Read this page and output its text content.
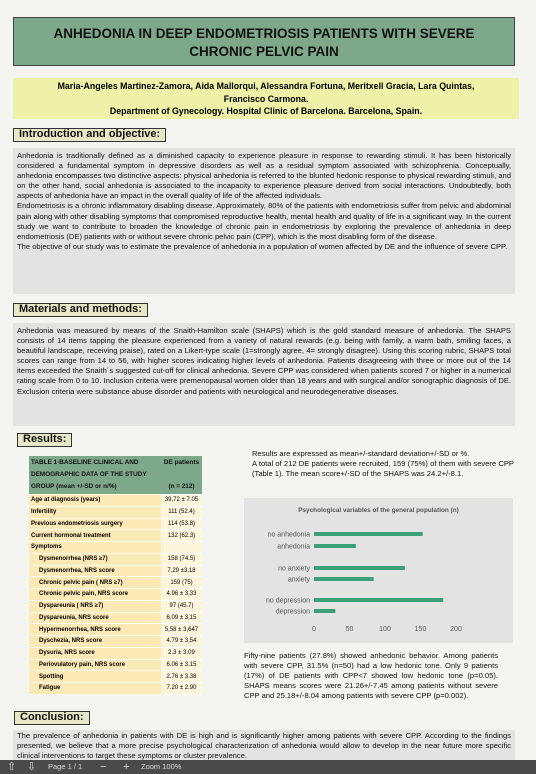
ANHEDONIA IN DEEP ENDOMETRIOSIS PATIENTS WITH SEVERE
CHRONIC PELVIC PAIN
Maria-Angeles Martinez-Zamora, Aida Mallorqui, Alessandra Fortuna, Meritxell Gracia, Lara Quintas,
Francisco Carmona.
Department of Gynecology. Hospital Clinic of Barcelona. Barcelona, Spain.
Introduction and objective:

Anhedonia is traditionally defined as a diminished capacity to experience pleasure in response to rewarding stimuli. It has been historically considered a fundamental symptom in depressive disorders as well as a residual symptom associated with schizophrenia. Conceptually, anhedonia encompasses two distinctive aspects: physical anhedonia is referred to the blunted hedonic response to physical rewarding stimuli, and on the other hand, social anhedonia is associated to the incapacity to experience pleasure derived from social interactions. Undoubtedly, both aspects of anhedonia have an impact in the overall quality of life of the affected individuals.

Endometriosis is a chronic inflammatory disabling disease. Approximately, 80% of the patients with endometriosis suffer from pelvic and abdominal pain along with other disabling symptoms that compromised reproductive health, mental health and quality of life in a significant way. In the current study we want to contribute to broaden the knowledge of chronic pain in endometriosis by exploring the prevalence of anhedonia in deep endometriosis (DE) patients with or without severe chronic pelvic pain (CPP), which is the most disabling form of the disease.

The objective of our study was to estimate the prevalence of anhedonia in a population of women affected by DE and the influence of severe CPP.

Materials and methods:

Anhedonia was measured by means of the Snaith-Hamilton scale (SHAPS) which is the gold standard measure of anhedonia. The SHAPS consists of 14 items tapping the pleasure experienced from a variety of natural rewards (e.g. being with family, a warm bath, smiling faces, a beautiful landscape, receiving praise), rated on a Likert-type scale (1=strongly agree, 4= strongly disagree). Using this scoring rubric, SHAPS total scores can range from 14 to 56, with higher scores indicating higher levels of anhedonia. Patients disagreeing with three or more out of the 14 items exceeded the Snaith´s suggested cut-off for clinical anhedonia. Severe CPP was considered when patients scored 7 or higher in a numerical rating scale from 0 to 10. Inclusion criteria were premenopausal women older than 18 years and with surgical and/or sonographic diagnosis of DE. Exclusion criteria were substance abuse disorder and patients with neurological and neurodegenerative diseases.

Results:
TABLE 1-BASELINE CLINICAL AND DEMOGRAPHIC DATA OF THE STUDY GROUP (mean +/-SD or n/%)	DE patients

(n = 212)
Age at diagnosis (years)	39,72 ± 7.05
Infertility	111 (52.4)
Previous endometriosis surgery	114 (53.8)
Current hormonal treatment	132 (62.3)
Symptoms	
Dysmenorrhea (NRS ≥7)	158 (74.5)
Dysmenorrhea, NRS score	7,29 ±3,18
Chronic pelvic pain ( NRS ≥7)	159 (75)
Chronic pelvic pain, NRS score	4.96 ± 3,33
Dyspareunia ( NRS ≥7)	97 (45.7)
Dyspareunia, NRS score	6,09 ± 3,15
Hypermenorrhea, NRS score	5,58 ± 3,647
Dyschezia, NRS score	4.79 ± 3,54
Dysuria, NRS score	2.3 ± 3.09
Periovulatory pain, NRS score	6.06 ± 3.15
Spotting	2.76 ± 3.38
Fatigue	7.20 ± 2.90

Results are expressed as mean+/-standard deviation+/-SD or %.

A total of 212 DE patients were recruited, 159 (75%) of them with severe CPP (Table 1). The mean score+/-SD of the SHAPS was 24.2+/-8.1.

Psychological variables of the general population (n)
no anhedonia
anhedonia
no anxiety
anxiety
no depression
depression
0	50	100	150	200

Fifty-nine patients (27.8%) showed anhedonic behavior. Among patients with severe CPP, 31.5% (n=50) had a low hedonic tone. Only 9 patients (17%) of DE patients with CPP<7 showed low hedonic tone (p=0.05). SHAPS means scores were 21.26+/-7.45 among patients without severe CPP and 25.18+/-8.04 among patients with severe CPP (p=0.002).

Conclusion:

The prevalence of anhedonia in patients with DE is high and is significantly higher among patients with severe CPP. According to the findings presented, we believe that a more precise psychological characterization of anhedonia would allow to develop in the near future more specific clinical interventions to target these symptoms or cluster prevalence.

⇧ ⇩ Page 1 / 1 − + Zoom 100%
